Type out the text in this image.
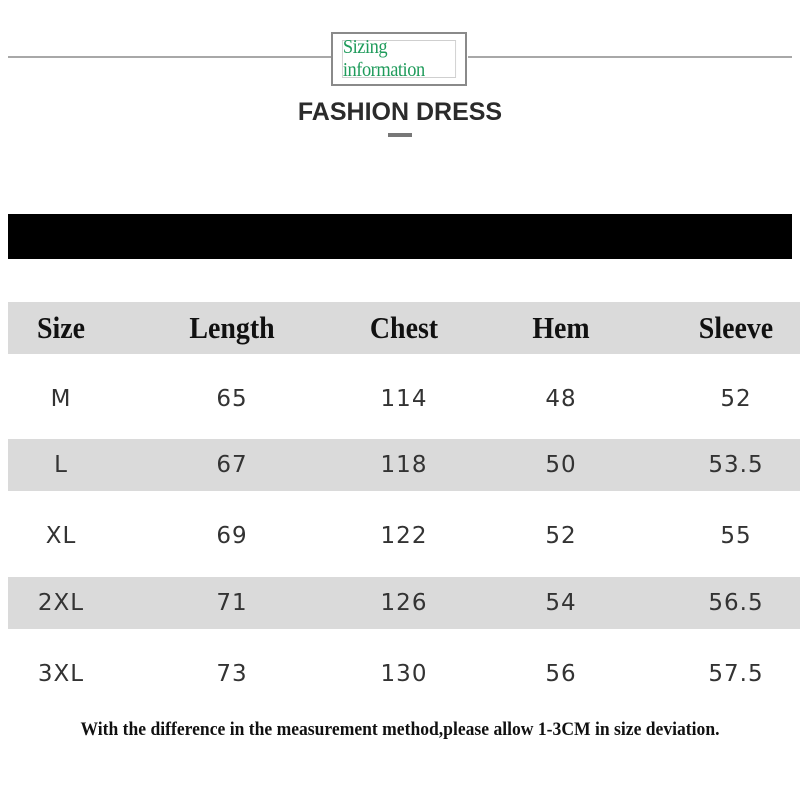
Sizing information
FASHION DRESS
Size	Length	Chest	Hem	Sleeve
M	65	114	48	52
L	67	118	50	53.5
XL	69	122	52	55
2XL	71	126	54	56.5
3XL	73	130	56	57.5
With the difference in the measurement method,please allow 1-3CM in size deviation.
